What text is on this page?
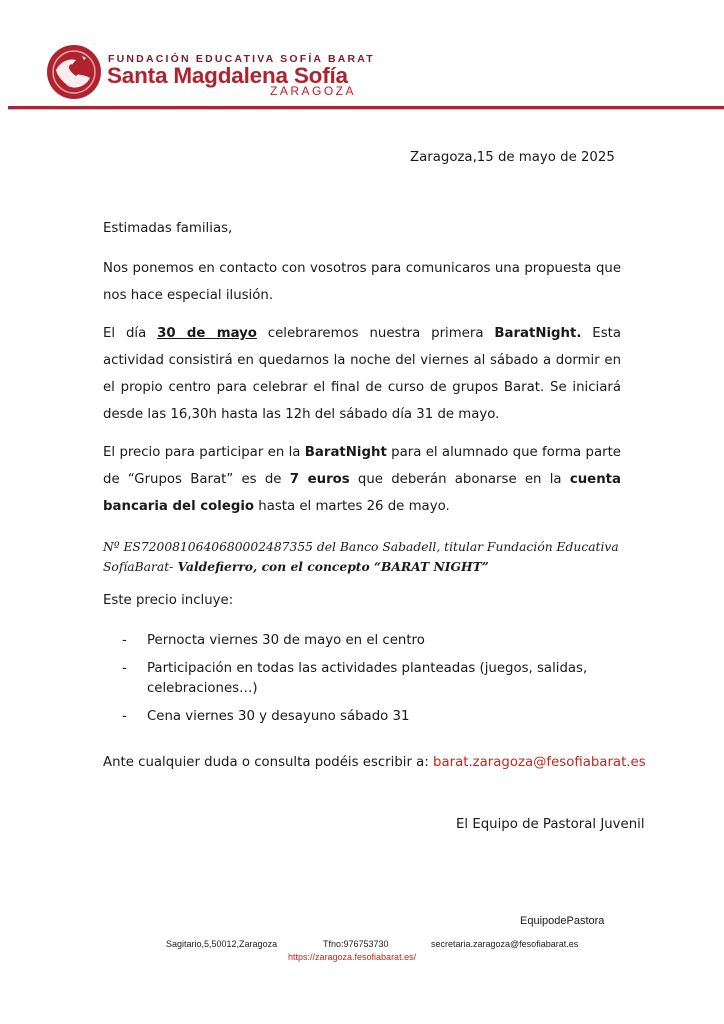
FUNDACIÓN EDUCATIVA SOFÍA BARAT
Santa Magdalena Sofía
ZARAGOZA
Zaragoza,15 de mayo de 2025
Estimadas familias,
Nos ponemos en contacto con vosotros para comunicaros una propuesta que nos hace especial ilusión.
El día 30 de mayo celebraremos nuestra primera BaratNight. Esta actividad consistirá en quedarnos la noche del viernes al sábado a dormir en el propio centro para celebrar el final de curso de grupos Barat. Se iniciará desde las 16,30h hasta las 12h del sábado día 31 de mayo.
El precio para participar en la BaratNight para el alumnado que forma parte de “Grupos Barat” es de 7 euros que deberán abonarse en la cuenta bancaria del colegio hasta el martes 26 de mayo.
Nº ES7200810640680002487355 del Banco Sabadell, titular Fundación Educativa SofíaBarat- Valdefierro, con el concepto “BARAT NIGHT”
Este precio incluye:
- Pernocta viernes 30 de mayo en el centro
- Participación en todas las actividades planteadas (juegos, salidas, celebraciones…)
- Cena viernes 30 y desayuno sábado 31
Ante cualquier duda o consulta podéis escribir a: barat.zaragoza@fesofiabarat.es
El Equipo de Pastoral Juvenil
EquipodePastora
Sagitario,5,50012,Zaragoza	Tfno:976753730	secretaria.zaragoza@fesofiabarat.es
https://zaragoza.fesofiabarat.es/
